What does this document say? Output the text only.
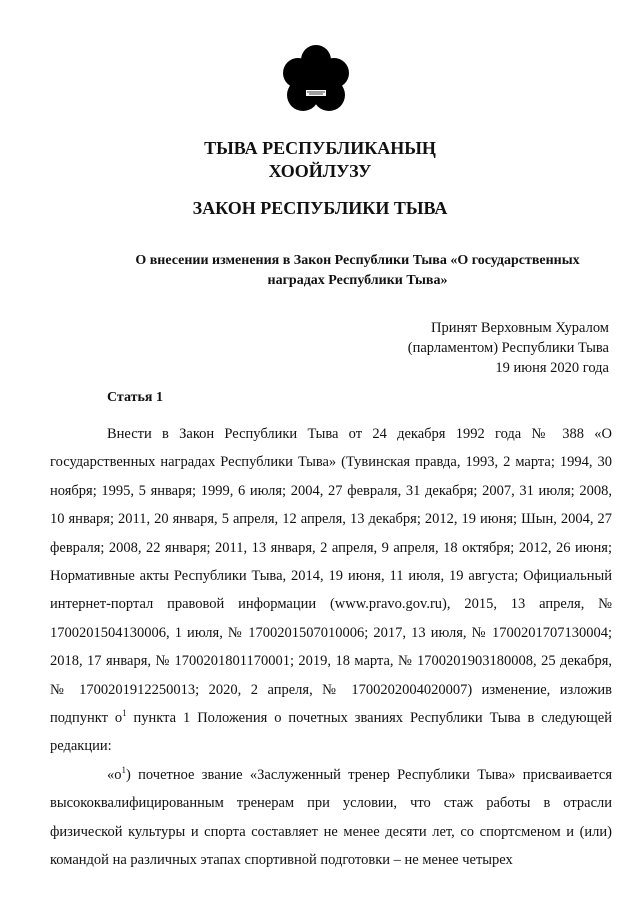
ТЫВА РЕСПУБЛИКАНЫҢ
ХООЙЛУЗУ
ЗАКОН РЕСПУБЛИКИ ТЫВА
О внесении изменения в Закон Республики Тыва «О государственных
наградах Республики Тыва»
Принят Верховным Хуралом
(парламентом) Республики Тыва
19 июня 2020 года
Статья 1

Внести в Закон Республики Тыва от 24 декабря 1992 года № 388 «О государственных наградах Республики Тыва» (Тувинская правда, 1993, 2 марта; 1994, 30 ноября; 1995, 5 января; 1999, 6 июля; 2004, 27 февраля, 31 декабря; 2007, 31 июля; 2008, 10 января; 2011, 20 января, 5 апреля, 12 апреля, 13 декабря; 2012, 19 июня; Шын, 2004, 27 февраля; 2008, 22 января; 2011, 13 января, 2 апреля, 9 апреля, 18 октября; 2012, 26 июня; Нормативные акты Республики Тыва, 2014, 19 июня, 11 июля, 19 августа; Официальный интернет-портал правовой информации (www.pravo.gov.ru), 2015, 13 апреля, № 1700201504130006, 1 июля, № 1700201507010006; 2017, 13 июля, № 1700201707130004; 2018, 17 января, № 1700201801170001; 2019, 18 марта, № 1700201903180008, 25 декабря, № 1700201912250013; 2020, 2 апреля, № 1700202004020007) изменение, изложив подпункт $о^1$ пункта 1 Положения о почетных званиях Республики Тыва в следующей редакции:

«$о^1$) почетное звание «Заслуженный тренер Республики Тыва» присваивается высококвалифицированным тренерам при условии, что стаж работы в отрасли физической культуры и спорта составляет не менее десяти лет, со спортсменом и (или) командой на различных этапах спортивной подготовки – не менее четырех
